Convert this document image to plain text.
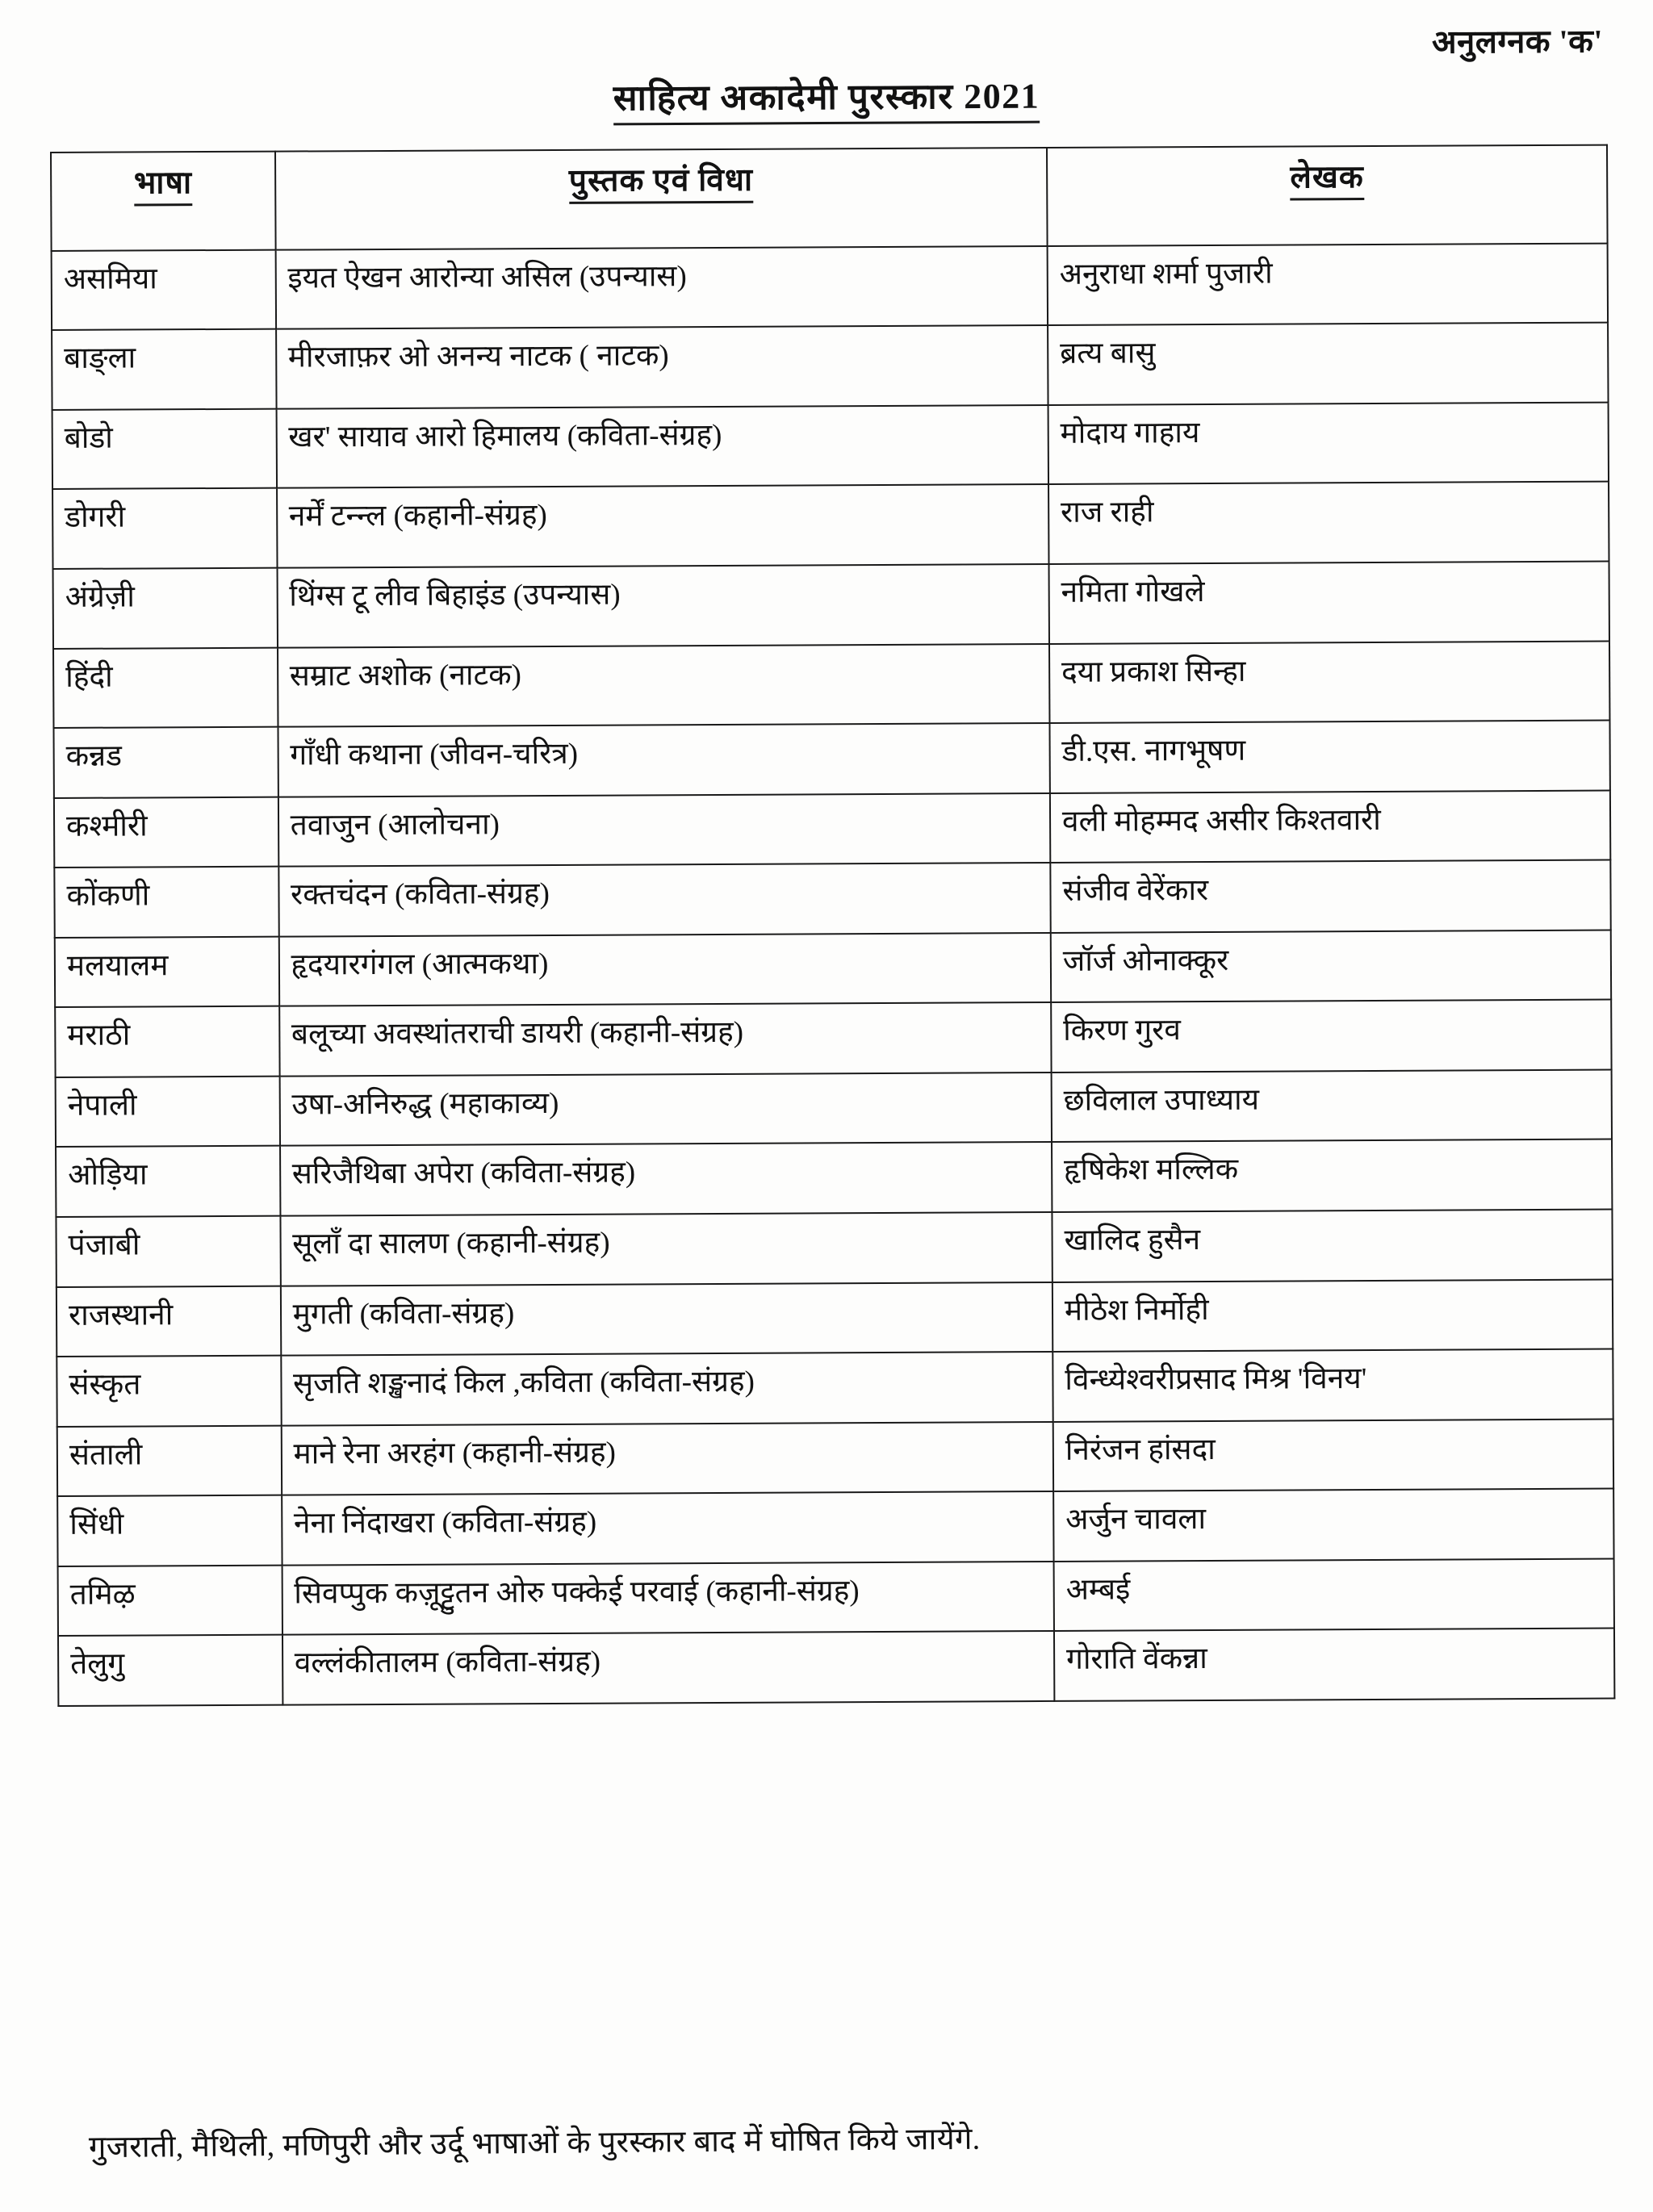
अनुलग्नक 'क'
साहित्य अकादेमी पुरस्कार 2021
भाषा	पुस्तक एवं विधा	लेखक
असमिया	इयत ऐखन आरोन्या असिल (उपन्यास)	अनुराधा शर्मा पुजारी
बाङ्ला	मीरजाफ़र ओ अनन्य नाटक ( नाटक)	ब्रत्य बासु
बोडो	खर' सायाव आरो हिमालय (कविता-संग्रह)	मोदाय गाहाय
डोगरी	नर्में टन्न्ल (कहानी-संग्रह)	राज राही
अंग्रेज़ी	थिंग्स टू लीव बिहाइंड (उपन्यास)	नमिता गोखले
हिंदी	सम्राट अशोक (नाटक)	दया प्रकाश सिन्हा
कन्नड	गाँधी कथाना (जीवन-चरित्र)	डी.एस. नागभूषण
कश्मीरी	तवाजुन (आलोचना)	वली मोहम्मद असीर किश्तवारी
कोंकणी	रक्तचंदन (कविता-संग्रह)	संजीव वेरेंकार
मलयालम	हृदयारगंगल (आत्मकथा)	जॉर्ज ओनाक्कूर
मराठी	बलूच्या अवस्थांतराची डायरी (कहानी-संग्रह)	किरण गुरव
नेपाली	उषा-अनिरुद्ध (महाकाव्य)	छविलाल उपाध्याय
ओड़िया	सरिजैथिबा अपेरा (कविता-संग्रह)	हृषिकेश मल्लिक
पंजाबी	सूलाँ दा सालण (कहानी-संग्रह)	खालिद हुसैन
राजस्थानी	मुगती (कविता-संग्रह)	मीठेश निर्मोही
संस्कृत	सृजति शङ्खनादं किल ,कविता (कविता-संग्रह)	विन्ध्येश्वरीप्रसाद मिश्र 'विनय'
संताली	माने रेना अरहंग (कहानी-संग्रह)	निरंजन हांसदा
सिंधी	नेना निंदाखरा (कविता-संग्रह)	अर्जुन चावला
तमिऴ	सिवप्पुक कज़ूट्टुतन ओरु पक्केई परवाई (कहानी-संग्रह)	अम्बई
तेलुगु	वल्लंकीतालम (कविता-संग्रह)	गोराति वेंकन्ना
गुजराती, मैथिली, मणिपुरी और उर्दू भाषाओं के पुरस्कार बाद में घोषित किये जायेंगे.
